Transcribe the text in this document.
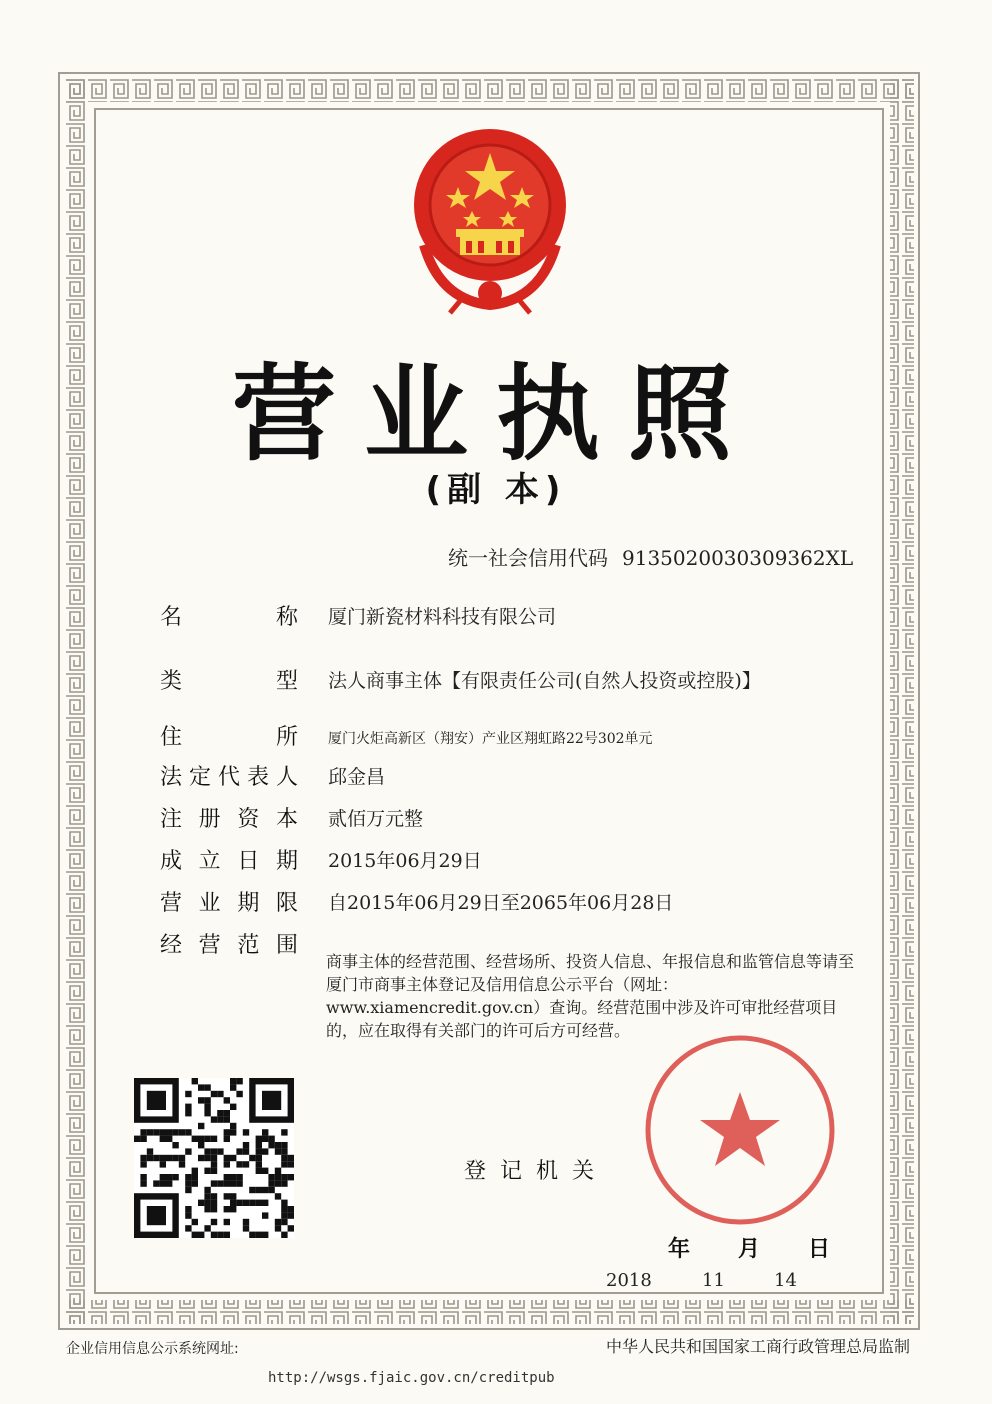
营业执照
(副 本)
统一社会信用代码 9135020030309362XL
名	称 厦门新瓷材料科技有限公司
类	型 法人商事主体【有限责任公司(自然人投资或控股)】
住	所 厦门火炬高新区（翔安）产业区翔虹路22号302单元
法 定 代 表 人 邱金昌
注 册 资 本 贰佰万元整
成 立 日 期 2015年06月29日
营 业 期 限 自2015年06月29日至2065年06月28日
经 营 范 围
商事主体的经营范围、经营场所、投资人信息、年报信息和监管信息等请至厦门市商事主体登记及信用信息公示平台（网址：www.xiamencredit.gov.cn）查询。经营范围中涉及许可审批经营项目的，应在取得有关部门的许可后方可经营。
登记机关
年 月 日
2018	11	14
企业信用信息公示系统网址:	中华人民共和国国家工商行政管理总局监制
http://wsgs.fjaic.gov.cn/creditpub
